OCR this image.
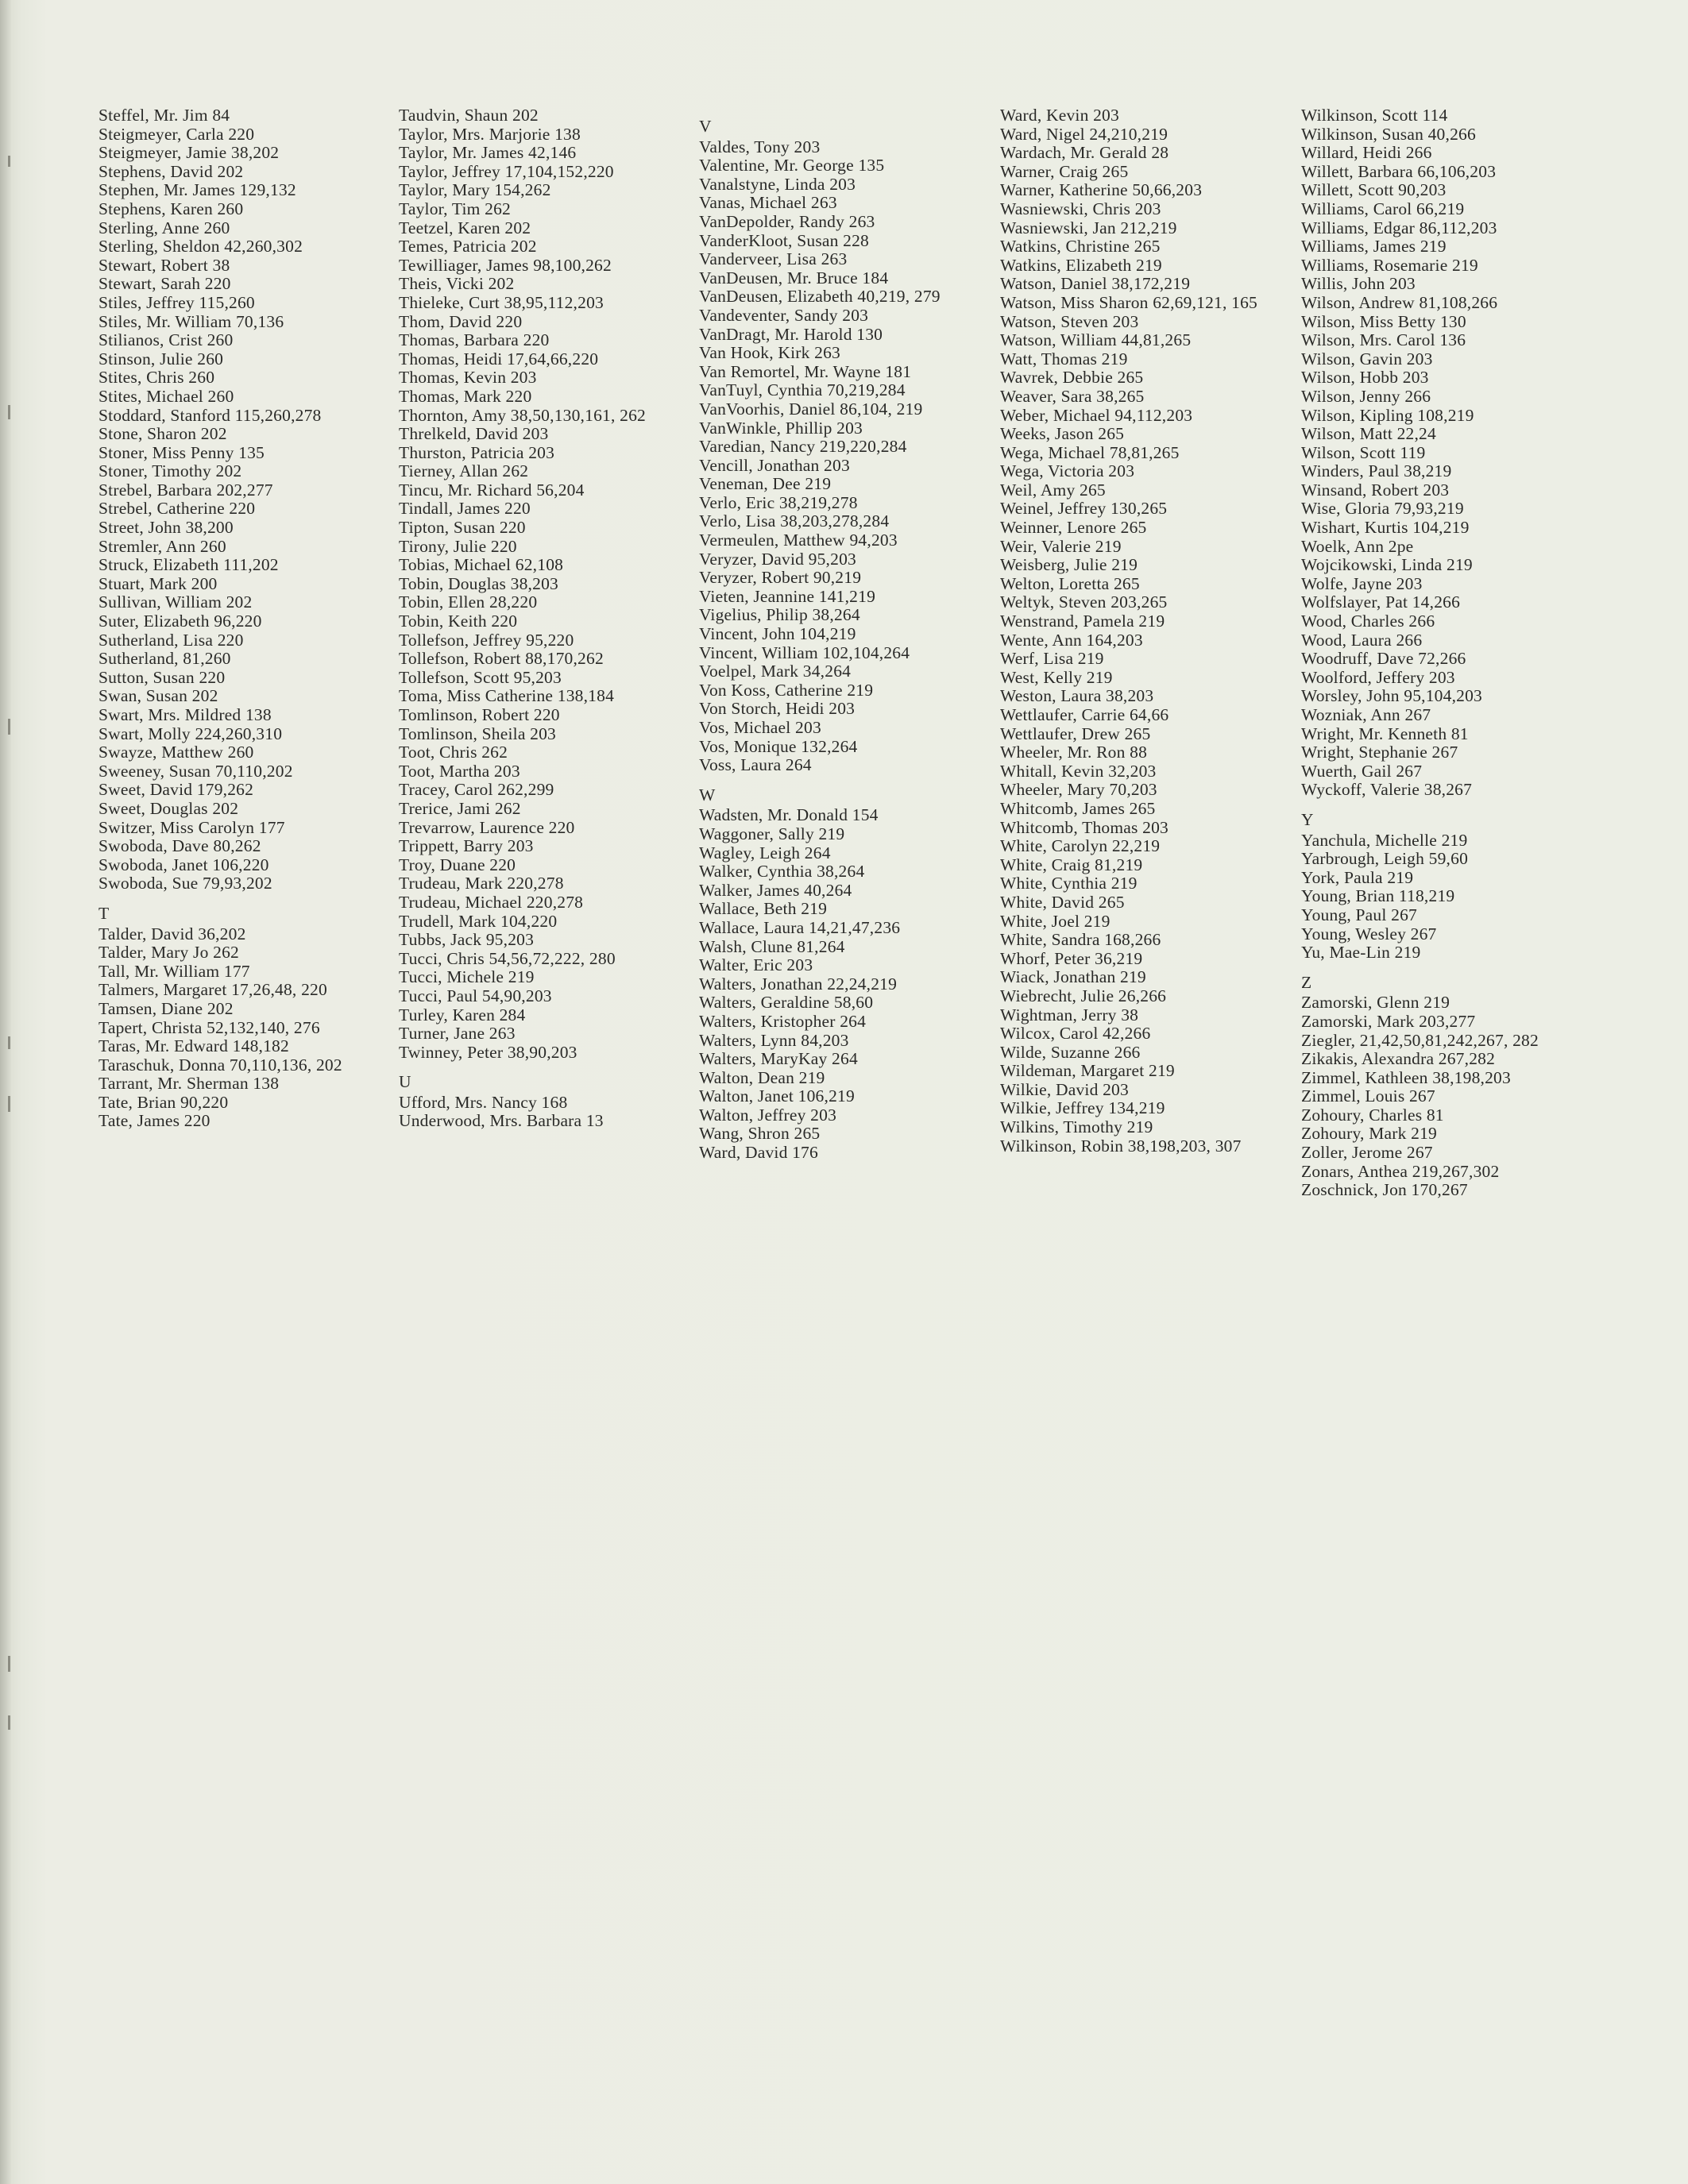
Steffel, Mr. Jim 84
Steigmeyer, Carla 220
Steigmeyer, Jamie 38,202
Stephens, David 202
Stephen, Mr. James 129,132
Stephens, Karen 260
Sterling, Anne 260
Sterling, Sheldon 42,260,302
Stewart, Robert 38
Stewart, Sarah 220
Stiles, Jeffrey 115,260
Stiles, Mr. William 70,136
Stilianos, Crist 260
Stinson, Julie 260
Stites, Chris 260
Stites, Michael 260
Stoddard, Stanford 115,260,278
Stone, Sharon 202
Stoner, Miss Penny 135
Stoner, Timothy 202
Strebel, Barbara 202,277
Strebel, Catherine 220
Street, John 38,200
Stremler, Ann 260
Struck, Elizabeth 111,202
Stuart, Mark 200
Sullivan, William 202
Suter, Elizabeth 96,220
Sutherland, Lisa 220
Sutherland, 81,260
Sutton, Susan 220
Swan, Susan 202
Swart, Mrs. Mildred 138
Swart, Molly 224,260,310
Swayze, Matthew 260
Sweeney, Susan 70,110,202
Sweet, David 179,262
Sweet, Douglas 202
Switzer, Miss Carolyn 177
Swoboda, Dave 80,262
Swoboda, Janet 106,220
Swoboda, Sue 79,93,202
T
Talder, David 36,202
Talder, Mary Jo 262
Tall, Mr. William 177
Talmers, Margaret 17,26,48, 220
Tamsen, Diane 202
Tapert, Christa 52,132,140, 276
Taras, Mr. Edward 148,182
Taraschuk, Donna 70,110,136, 202
Tarrant, Mr. Sherman 138
Tate, Brian 90,220
Tate, James 220
Taudvin, Shaun 202
Taylor, Mrs. Marjorie 138
Taylor, Mr. James 42,146
Taylor, Jeffrey 17,104,152,220
Taylor, Mary 154,262
Taylor, Tim 262
Teetzel, Karen 202
Temes, Patricia 202
Tewilliager, James 98,100,262
Theis, Vicki 202
Thieleke, Curt 38,95,112,203
Thom, David 220
Thomas, Barbara 220
Thomas, Heidi 17,64,66,220
Thomas, Kevin 203
Thomas, Mark 220
Thornton, Amy 38,50,130,161, 262
Threlkeld, David 203
Thurston, Patricia 203
Tierney, Allan 262
Tincu, Mr. Richard 56,204
Tindall, James 220
Tipton, Susan 220
Tirony, Julie 220
Tobias, Michael 62,108
Tobin, Douglas 38,203
Tobin, Ellen 28,220
Tobin, Keith 220
Tollefson, Jeffrey 95,220
Tollefson, Robert 88,170,262
Tollefson, Scott 95,203
Toma, Miss Catherine 138,184
Tomlinson, Robert 220
Tomlinson, Sheila 203
Toot, Chris 262
Toot, Martha 203
Tracey, Carol 262,299
Trerice, Jami 262
Trevarrow, Laurence 220
Trippett, Barry 203
Troy, Duane 220
Trudeau, Mark 220,278
Trudeau, Michael 220,278
Trudell, Mark 104,220
Tubbs, Jack 95,203
Tucci, Chris 54,56,72,222, 280
Tucci, Michele 219
Tucci, Paul 54,90,203
Turley, Karen 284
Turner, Jane 263
Twinney, Peter 38,90,203
U
Ufford, Mrs. Nancy 168
Underwood, Mrs. Barbara 13
V
Valdes, Tony 203
Valentine, Mr. George 135
Vanalstyne, Linda 203
Vanas, Michael 263
VanDepolder, Randy 263
VanderKloot, Susan 228
Vanderveer, Lisa 263
VanDeusen, Mr. Bruce 184
VanDeusen, Elizabeth 40,219, 279
Vandeventer, Sandy 203
VanDragt, Mr. Harold 130
Van Hook, Kirk 263
Van Remortel, Mr. Wayne 181
VanTuyl, Cynthia 70,219,284
VanVoorhis, Daniel 86,104, 219
VanWinkle, Phillip 203
Varedian, Nancy 219,220,284
Vencill, Jonathan 203
Veneman, Dee 219
Verlo, Eric 38,219,278
Verlo, Lisa 38,203,278,284
Vermeulen, Matthew 94,203
Veryzer, David 95,203
Veryzer, Robert 90,219
Vieten, Jeannine 141,219
Vigelius, Philip 38,264
Vincent, John 104,219
Vincent, William 102,104,264
Voelpel, Mark 34,264
Von Koss, Catherine 219
Von Storch, Heidi 203
Vos, Michael 203
Vos, Monique 132,264
Voss, Laura 264
W
Wadsten, Mr. Donald 154
Waggoner, Sally 219
Wagley, Leigh 264
Walker, Cynthia 38,264
Walker, James 40,264
Wallace, Beth 219
Wallace, Laura 14,21,47,236
Walsh, Clune 81,264
Walter, Eric 203
Walters, Jonathan 22,24,219
Walters, Geraldine 58,60
Walters, Kristopher 264
Walters, Lynn 84,203
Walters, MaryKay 264
Walton, Dean 219
Walton, Janet 106,219
Walton, Jeffrey 203
Wang, Shron 265
Ward, David 176
Ward, Kevin 203
Ward, Nigel 24,210,219
Wardach, Mr. Gerald 28
Warner, Craig 265
Warner, Katherine 50,66,203
Wasniewski, Chris 203
Wasniewski, Jan 212,219
Watkins, Christine 265
Watkins, Elizabeth 219
Watson, Daniel 38,172,219
Watson, Miss Sharon 62,69,121, 165
Watson, Steven 203
Watson, William 44,81,265
Watt, Thomas 219
Wavrek, Debbie 265
Weaver, Sara 38,265
Weber, Michael 94,112,203
Weeks, Jason 265
Wega, Michael 78,81,265
Wega, Victoria 203
Weil, Amy 265
Weinel, Jeffrey 130,265
Weinner, Lenore 265
Weir, Valerie 219
Weisberg, Julie 219
Welton, Loretta 265
Weltyk, Steven 203,265
Wenstrand, Pamela 219
Wente, Ann 164,203
Werf, Lisa 219
West, Kelly 219
Weston, Laura 38,203
Wettlaufer, Carrie 64,66
Wettlaufer, Drew 265
Wheeler, Mr. Ron 88
Whitall, Kevin 32,203
Wheeler, Mary 70,203
Whitcomb, James 265
Whitcomb, Thomas 203
White, Carolyn 22,219
White, Craig 81,219
White, Cynthia 219
White, David 265
White, Joel 219
White, Sandra 168,266
Whorf, Peter 36,219
Wiack, Jonathan 219
Wiebrecht, Julie 26,266
Wightman, Jerry 38
Wilcox, Carol 42,266
Wilde, Suzanne 266
Wildeman, Margaret 219
Wilkie, David 203
Wilkie, Jeffrey 134,219
Wilkins, Timothy 219
Wilkinson, Robin 38,198,203, 307
Wilkinson, Scott 114
Wilkinson, Susan 40,266
Willard, Heidi 266
Willett, Barbara 66,106,203
Willett, Scott 90,203
Williams, Carol 66,219
Williams, Edgar 86,112,203
Williams, James 219
Williams, Rosemarie 219
Willis, John 203
Wilson, Andrew 81,108,266
Wilson, Miss Betty 130
Wilson, Mrs. Carol 136
Wilson, Gavin 203
Wilson, Hobb 203
Wilson, Jenny 266
Wilson, Kipling 108,219
Wilson, Matt 22,24
Wilson, Scott 119
Winders, Paul 38,219
Winsand, Robert 203
Wise, Gloria 79,93,219
Wishart, Kurtis 104,219
Woelk, Ann 2pe
Wojcikowski, Linda 219
Wolfe, Jayne 203
Wolfslayer, Pat 14,266
Wood, Charles 266
Wood, Laura 266
Woodruff, Dave 72,266
Woolford, Jeffery 203
Worsley, John 95,104,203
Wozniak, Ann 267
Wright, Mr. Kenneth 81
Wright, Stephanie 267
Wuerth, Gail 267
Wyckoff, Valerie 38,267
Y
Yanchula, Michelle 219
Yarbrough, Leigh 59,60
York, Paula 219
Young, Brian 118,219
Young, Paul 267
Young, Wesley 267
Yu, Mae-Lin 219
Z
Zamorski, Glenn 219
Zamorski, Mark 203,277
Ziegler, 21,42,50,81,242,267, 282
Zikakis, Alexandra 267,282
Zimmel, Kathleen 38,198,203
Zimmel, Louis 267
Zohoury, Charles 81
Zohoury, Mark 219
Zoller, Jerome 267
Zonars, Anthea 219,267,302
Zoschnick, Jon 170,267
